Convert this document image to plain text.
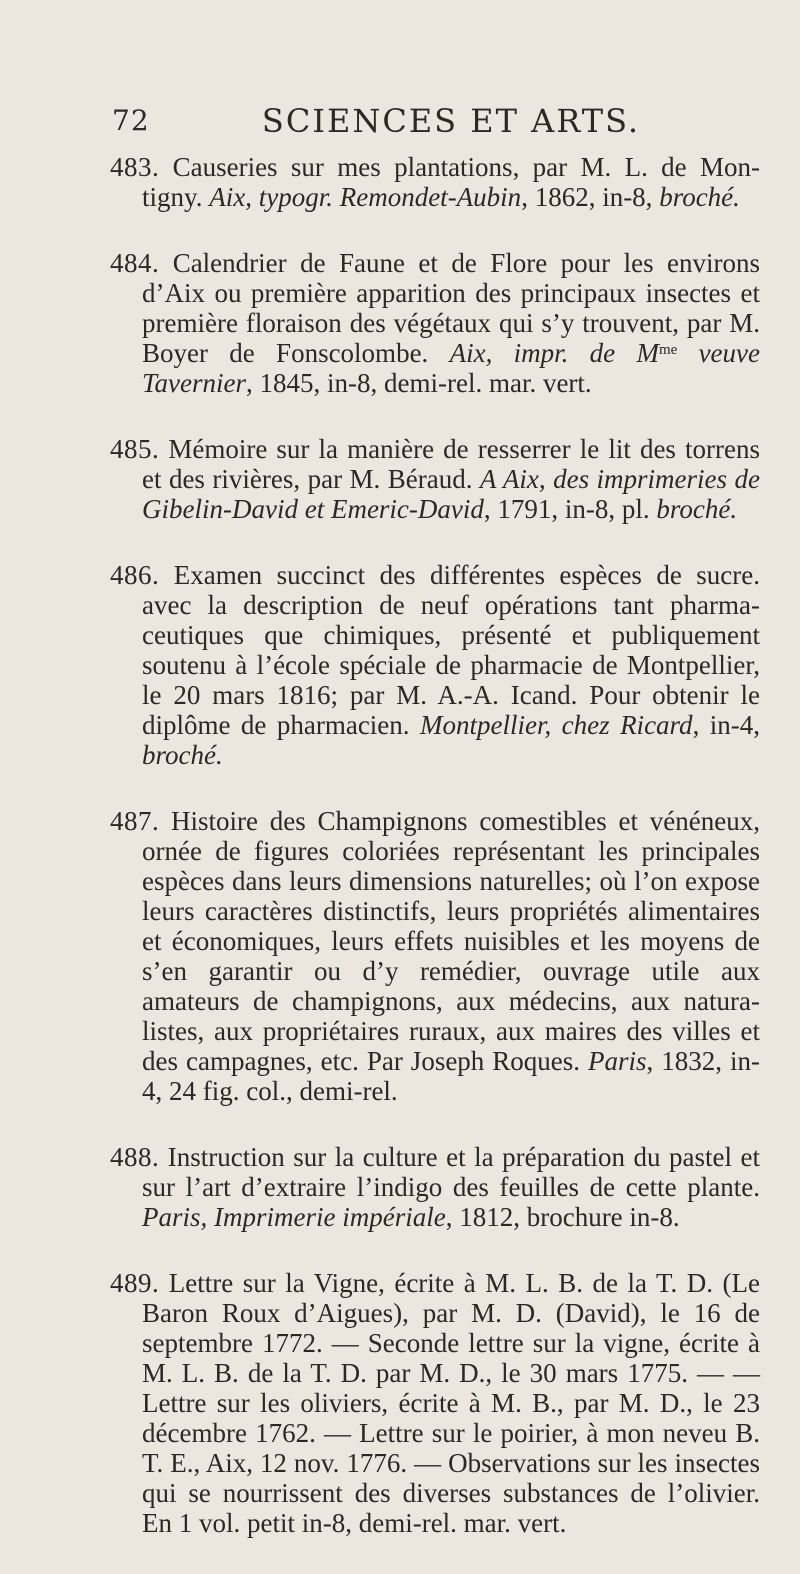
72	SCIENCES ET ARTS.

483. Causeries sur mes plantations, par M. L. de Mon-tigny. Aix, typogr. Remondet-Aubin, 1862, in-8, broché.

484. Calendrier de Faune et de Flore pour les environs d’Aix ou première apparition des principaux insectes et première floraison des végétaux qui s’y trouvent, par M. Boyer de Fonscolombe. Aix, impr. de $M^{me}$ veuve Tavernier, 1845, in-8, demi-rel. mar. vert.

485. Mémoire sur la manière de resserrer le lit des torrens et des rivières, par M. Béraud. A Aix, des imprimeries de Gibelin-David et Emeric-David, 1791, in-8, pl. broché.

486. Examen succinct des différentes espèces de sucre. avec la description de neuf opérations tant pharma-ceutiques que chimiques, présenté et publiquement soutenu à l’école spéciale de pharmacie de Montpellier, le 20 mars 1816; par M. A.-A. Icand. Pour obtenir le diplôme de pharmacien. Montpellier, chez Ricard, in-4, broché.

487. Histoire des Champignons comestibles et vénéneux, ornée de figures coloriées représentant les principales espèces dans leurs dimensions naturelles; où l’on expose leurs caractères distinctifs, leurs propriétés alimentaires et économiques, leurs effets nuisibles et les moyens de s’en garantir ou d’y remédier, ouvrage utile aux amateurs de champignons, aux médecins, aux natura-listes, aux propriétaires ruraux, aux maires des villes et des campagnes, etc. Par Joseph Roques. Paris, 1832, in-4, 24 fig. col., demi-rel.

488. Instruction sur la culture et la préparation du pastel et sur l’art d’extraire l’indigo des feuilles de cette plante. Paris, Imprimerie impériale, 1812, brochure in-8.

489. Lettre sur la Vigne, écrite à M. L. B. de la T. D. (Le Baron Roux d’Aigues), par M. D. (David), le 16 de septembre 1772. — Seconde lettre sur la vigne, écrite à M. L. B. de la T. D. par M. D., le 30 mars 1775. — — Lettre sur les oliviers, écrite à M. B., par M. D., le 23 décembre 1762. — Lettre sur le poirier, à mon neveu B. T. E., Aix, 12 nov. 1776. — Observations sur les insectes qui se nourrissent des diverses substances de l’olivier. En 1 vol. petit in-8, demi-rel. mar. vert.
